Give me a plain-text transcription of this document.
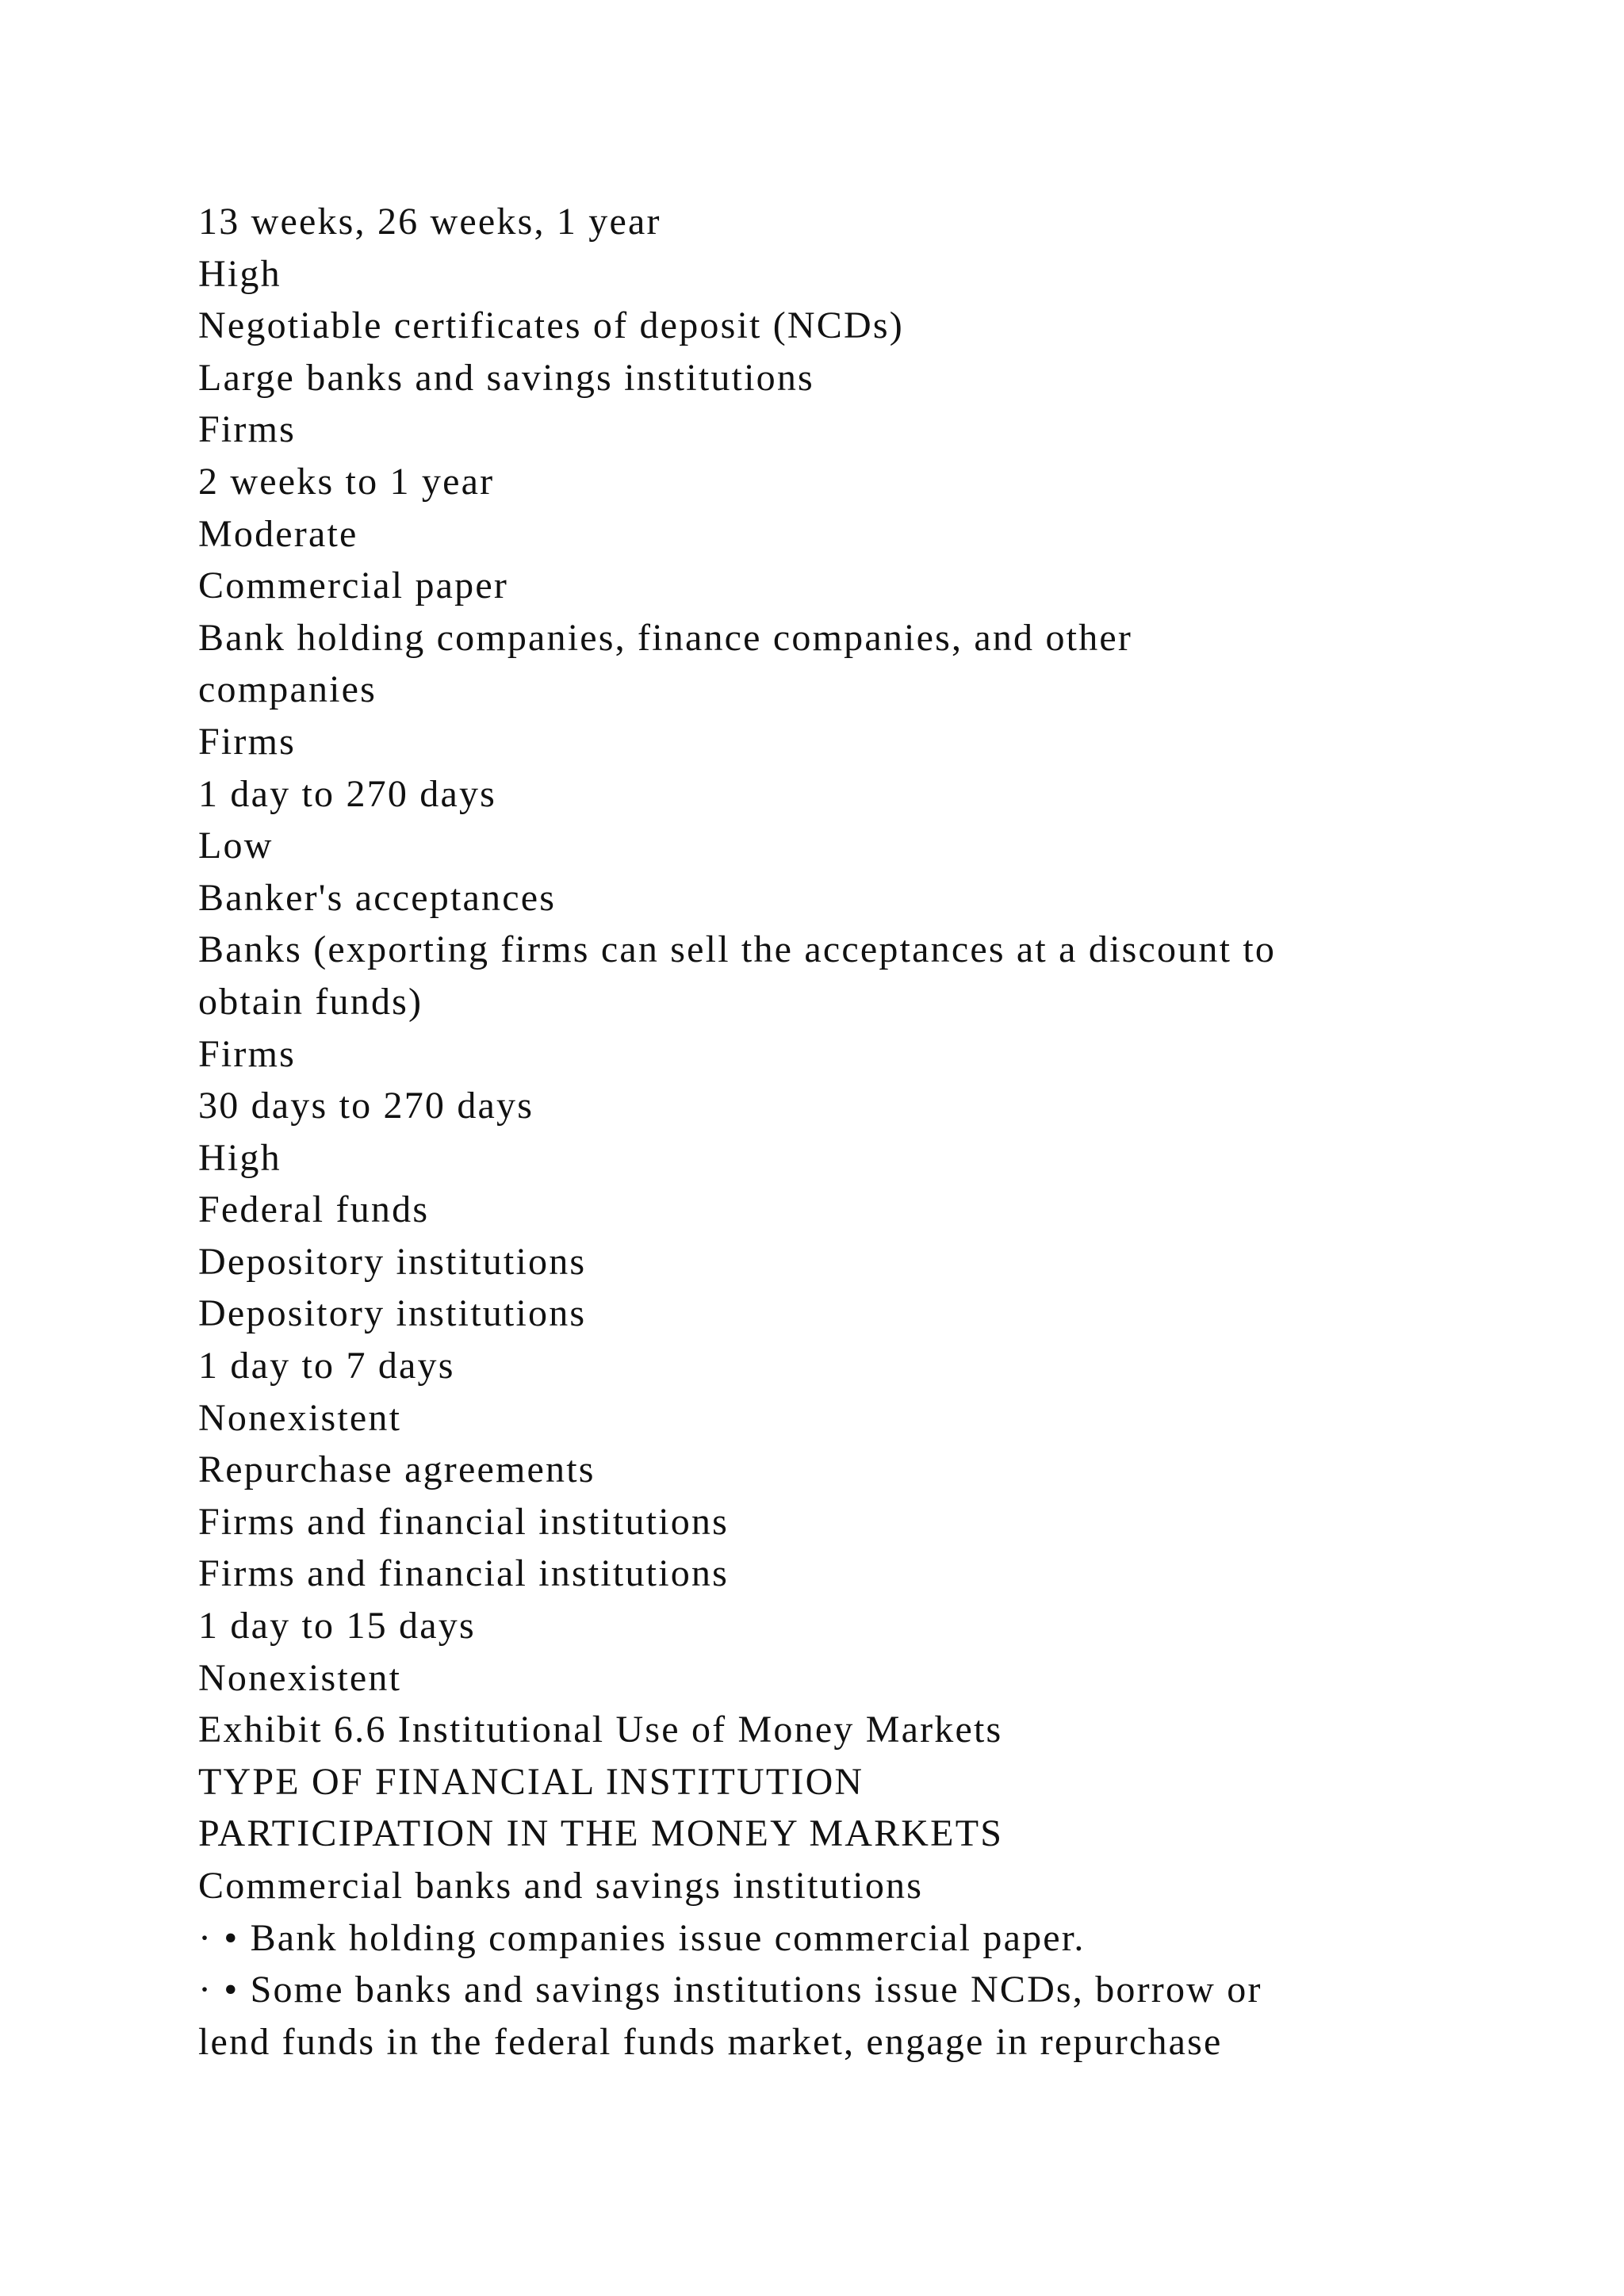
13 weeks, 26 weeks, 1 year
High
Negotiable certificates of deposit (NCDs)
Large banks and savings institutions
Firms
2 weeks to 1 year
Moderate
Commercial paper
Bank holding companies, finance companies, and other
companies
Firms
1 day to 270 days
Low
Banker's acceptances
Banks (exporting firms can sell the acceptances at a discount to
obtain funds)
Firms
30 days to 270 days
High
Federal funds
Depository institutions
Depository institutions
1 day to 7 days
Nonexistent
Repurchase agreements
Firms and financial institutions
Firms and financial institutions
1 day to 15 days
Nonexistent
Exhibit 6.6 Institutional Use of Money Markets
TYPE OF FINANCIAL INSTITUTION
PARTICIPATION IN THE MONEY MARKETS
Commercial banks and savings institutions
· • Bank holding companies issue commercial paper.
· • Some banks and savings institutions issue NCDs, borrow or
lend funds in the federal funds market, engage in repurchase
